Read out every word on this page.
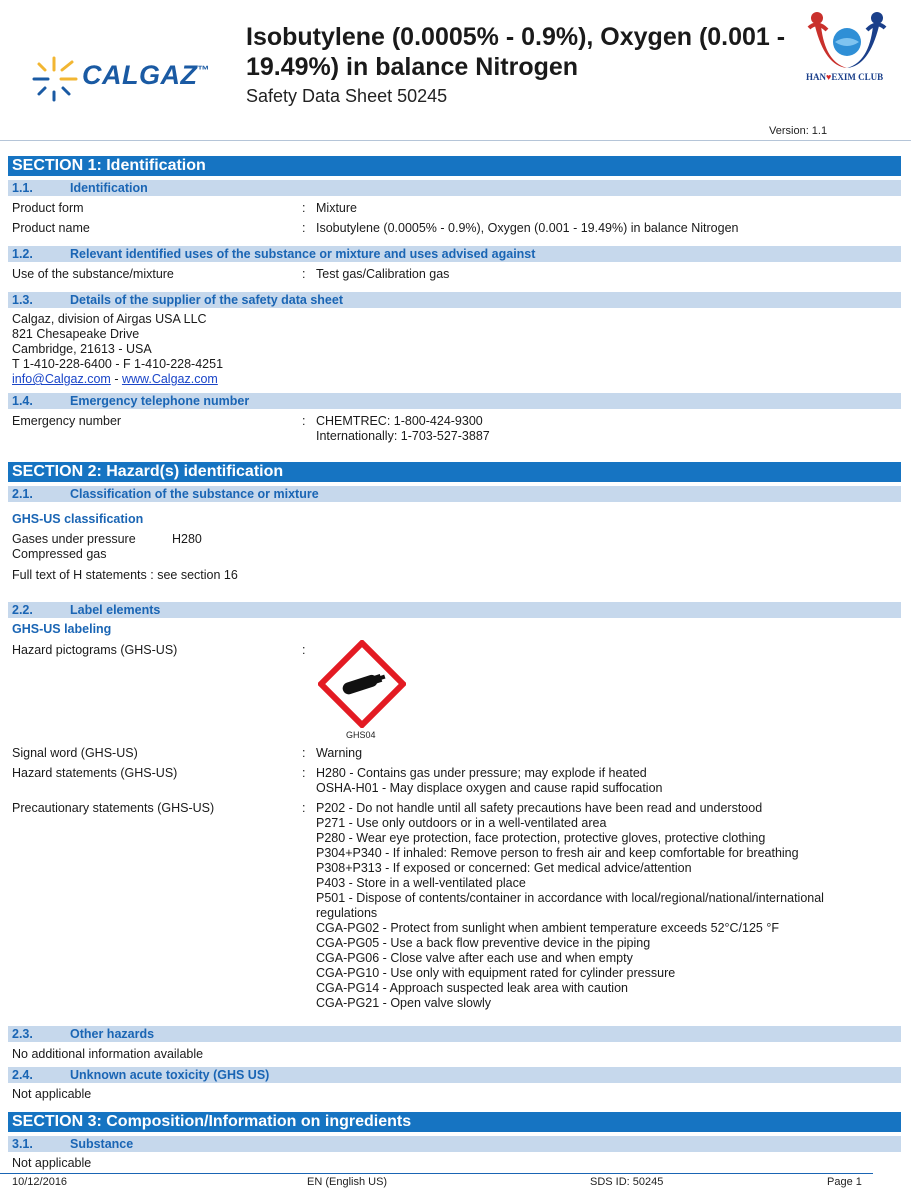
CALGAZ™
Isobutylene (0.0005% - 0.9%), Oxygen (0.001 -
19.49%) in balance Nitrogen
Safety Data Sheet 50245
HAN♥EXIM CLUB
Version: 1.1
SECTION 1: Identification
1.1.	Identification
Product form	: Mixture
Product name	: Isobutylene (0.0005% - 0.9%), Oxygen (0.001 - 19.49%) in balance Nitrogen
1.2.	Relevant identified uses of the substance or mixture and uses advised against
Use of the substance/mixture	: Test gas/Calibration gas
1.3.	Details of the supplier of the safety data sheet
Calgaz, division of Airgas USA LLC
821 Chesapeake Drive
Cambridge, 21613 - USA
T 1-410-228-6400 - F 1-410-228-4251
info@Calgaz.com - www.Calgaz.com
1.4.	Emergency telephone number
Emergency number	: CHEMTREC: 1-800-424-9300
Internationally: 1-703-527-3887
SECTION 2: Hazard(s) identification
2.1.	Classification of the substance or mixture
GHS-US classification
Gases under pressure	H280
Compressed gas
Full text of H statements : see section 16
2.2.	Label elements
GHS-US labeling
Hazard pictograms (GHS-US)	:
GHS04
Signal word (GHS-US)	: Warning
Hazard statements (GHS-US)	: H280 - Contains gas under pressure; may explode if heated
OSHA-H01 - May displace oxygen and cause rapid suffocation
Precautionary statements (GHS-US)	: P202 - Do not handle until all safety precautions have been read and understood
P271 - Use only outdoors or in a well-ventilated area
P280 - Wear eye protection, face protection, protective gloves, protective clothing
P304+P340 - If inhaled: Remove person to fresh air and keep comfortable for breathing
P308+P313 - If exposed or concerned: Get medical advice/attention
P403 - Store in a well-ventilated place
P501 - Dispose of contents/container in accordance with local/regional/national/international
regulations
CGA-PG02 - Protect from sunlight when ambient temperature exceeds 52°C/125 °F
CGA-PG05 - Use a back flow preventive device in the piping
CGA-PG06 - Close valve after each use and when empty
CGA-PG10 - Use only with equipment rated for cylinder pressure
CGA-PG14 - Approach suspected leak area with caution
CGA-PG21 - Open valve slowly
2.3.	Other hazards
No additional information available
2.4.	Unknown acute toxicity (GHS US)
Not applicable
SECTION 3: Composition/Information on ingredients
3.1.	Substance
Not applicable
10/12/2016	EN (English US)	SDS ID: 50245	Page 1
